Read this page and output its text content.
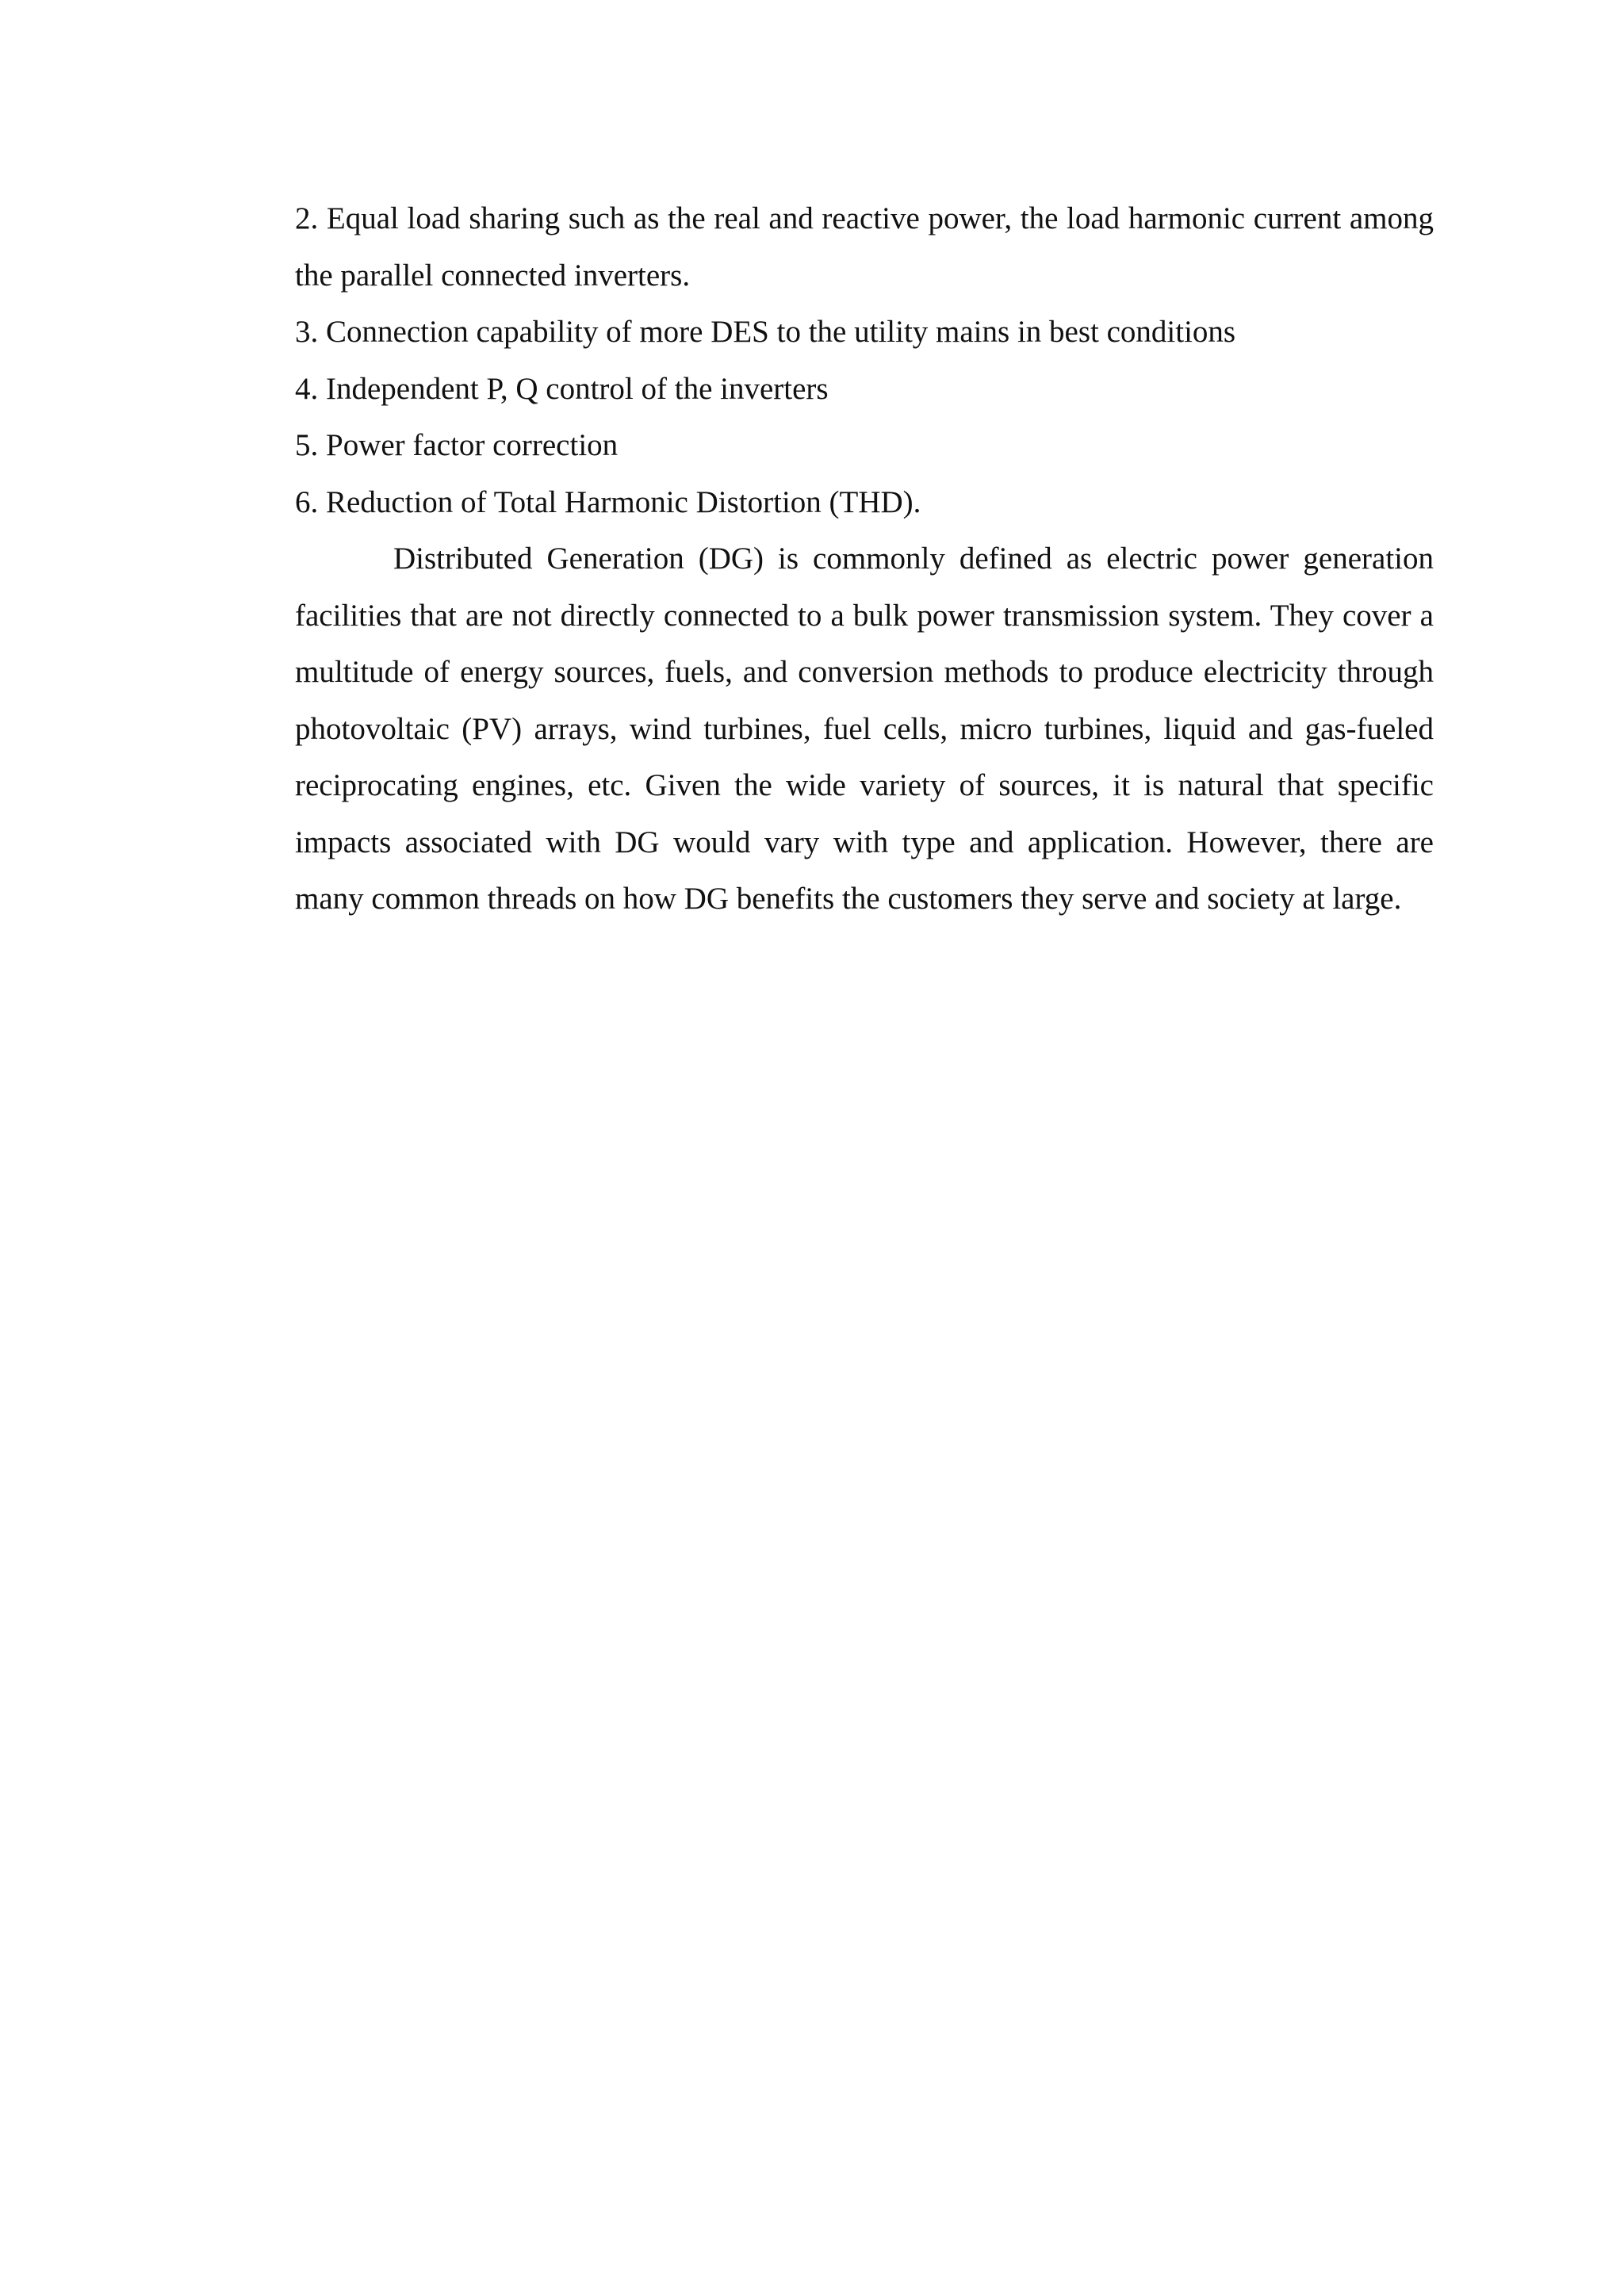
2. Equal load sharing such as the real and reactive power, the load harmonic current among the parallel connected inverters.

3. Connection capability of more DES to the utility mains in best conditions

4. Independent P, Q control of the inverters

5. Power factor correction

6. Reduction of Total Harmonic Distortion (THD).

Distributed Generation (DG) is commonly defined as electric power generation facilities that are not directly connected to a bulk power transmission system. They cover a multitude of energy sources, fuels, and conversion methods to produce electricity through photovoltaic (PV) arrays, wind turbines, fuel cells, micro turbines, liquid and gas-fueled reciprocating engines, etc. Given the wide variety of sources, it is natural that specific impacts associated with DG would vary with type and application. However, there are many common threads on how DG benefits the customers they serve and society at large.
